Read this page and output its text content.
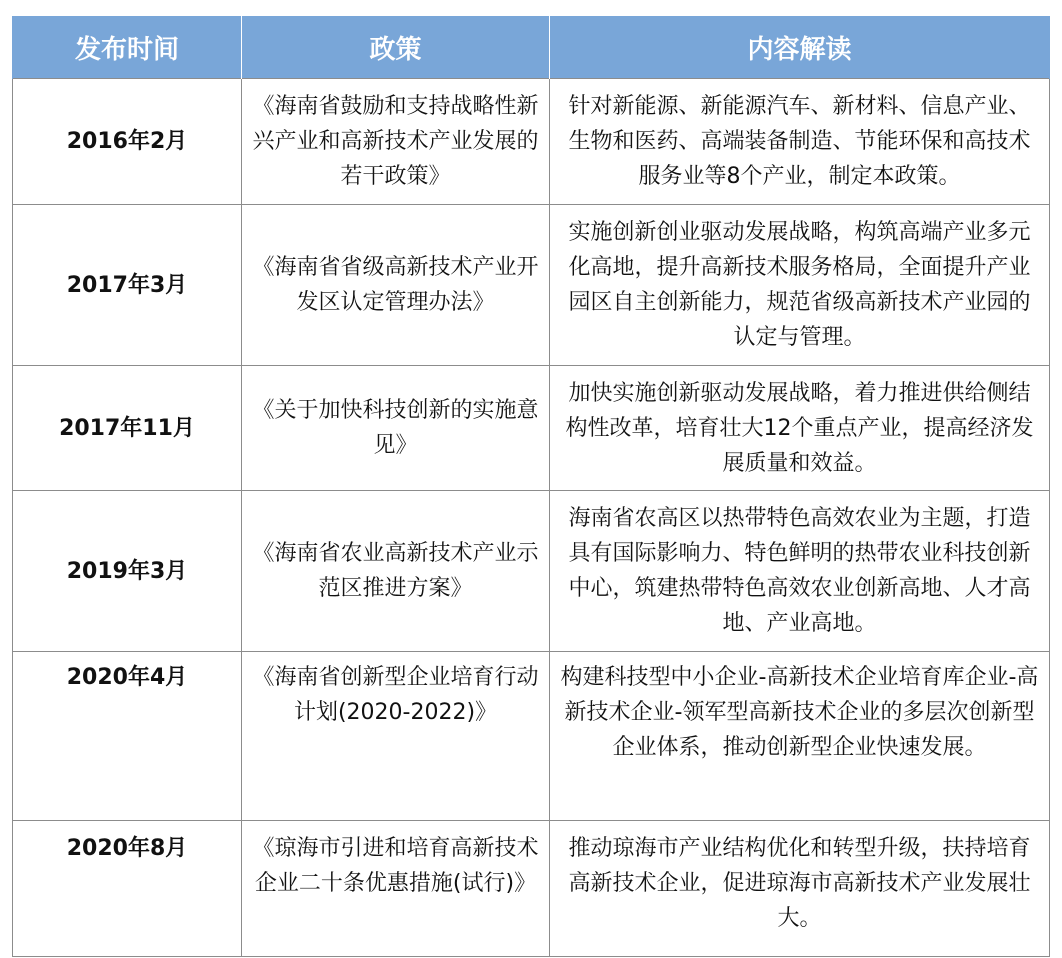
发布时间	政策	内容解读
2016年2月	《海南省鼓励和支持战略性新兴产业和高新技术产业发展的若干政策》	针对新能源、新能源汽车、新材料、信息产业、生物和医药、高端装备制造、节能环保和高技术服务业等8个产业，制定本政策。
2017年3月	《海南省省级高新技术产业开发区认定管理办法》	实施创新创业驱动发展战略，构筑高端产业多元化高地，提升高新技术服务格局，全面提升产业园区自主创新能力，规范省级高新技术产业园的认定与管理。
2017年11月	《关于加快科技创新的实施意见》	加快实施创新驱动发展战略，着力推进供给侧结构性改革，培育壮大12个重点产业，提高经济发展质量和效益。
2019年3月	《海南省农业高新技术产业示范区推进方案》	海南省农高区以热带特色高效农业为主题，打造具有国际影响力、特色鲜明的热带农业科技创新中心，筑建热带特色高效农业创新高地、人才高地、产业高地。
2020年4月	《海南省创新型企业培育行动计划(2020-2022)》	构建科技型中小企业-高新技术企业培育库企业-高新技术企业-领军型高新技术企业的多层次创新型企业体系，推动创新型企业快速发展。
2020年8月	《琼海市引进和培育高新技术企业二十条优惠措施(试行)》	推动琼海市产业结构优化和转型升级，扶持培育高新技术企业，促进琼海市高新技术产业发展壮大。
